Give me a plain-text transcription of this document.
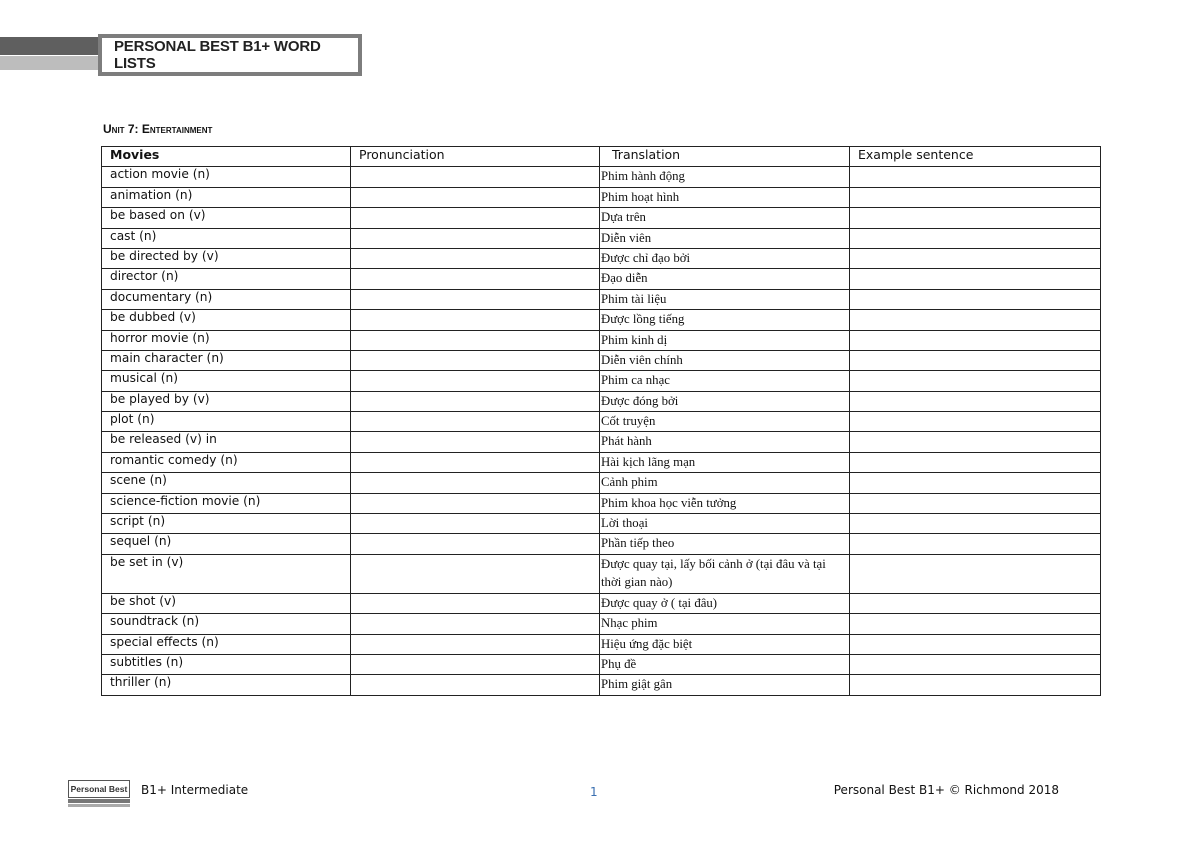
PERSONAL BEST B1+ WORD LISTS
Unit 7: Entertainment
Movies	Pronunciation	Translation	Example sentence
action movie (n)		Phim hành động	
animation (n)		Phim hoạt hình	
be based on (v)		Dựa trên	
cast (n)		Diễn viên	
be directed by (v)		Được chỉ đạo bởi	
director (n)		Đạo diễn	
documentary (n)		Phim tài liệu	
be dubbed (v)		Được lồng tiếng	
horror movie (n)		Phim kinh dị	
main character (n)		Diễn viên chính	
musical (n)		Phim ca nhạc	
be played by (v)		Được đóng bởi	
plot (n)		Cốt truyện	
be released (v) in		Phát hành	
romantic comedy (n)		Hài kịch lãng mạn	
scene (n)		Cảnh phim	
science-fiction movie (n)		Phim khoa học viễn tưởng	
script (n)		Lời thoại	
sequel (n)		Phần tiếp theo	
be set in (v)		Được quay tại, lấy bối cảnh ở (tại đâu và tại thời gian nào)	
be shot (v)		Được quay ở ( tại đâu)	
soundtrack (n)		Nhạc phim	
special effects (n)		Hiệu ứng đặc biệt	
subtitles (n)		Phụ đề	
thriller (n)		Phim giật gân	
Personal Best B1+ Intermediate	1	Personal Best B1+ © Richmond 2018
